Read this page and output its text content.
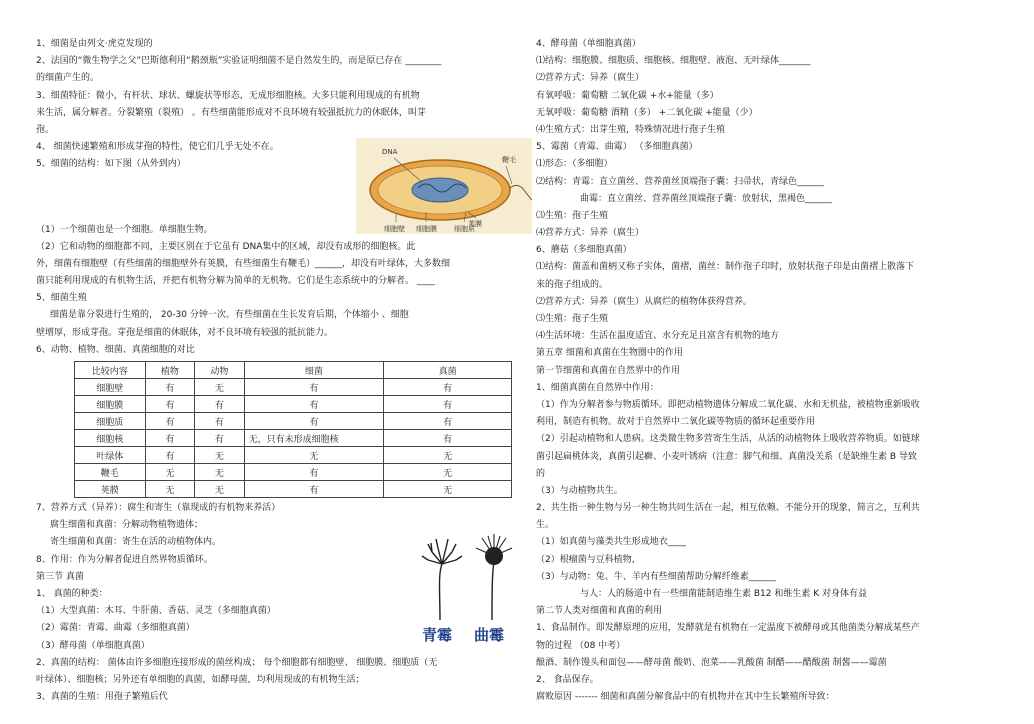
1、细菌是由列文·虎克发现的
2、法国的“微生物学之父”巴斯德利用“鹅颈瓶”实验证明细菌不是自然发生的，而是原已存在 ________
的细菌产生的。
3、细菌特征：微小，有杆状、球状、螺旋状等形态，无成形细胞核。大多只能利用现成的有机物
来生活，属分解者。分裂繁殖（裂殖） 。有些细菌能形成对不良环境有较强抵抗力的休眠体，叫芽
孢。
4、 细菌快速繁殖和形成芽孢的特性，使它们几乎无处不在。
5、细菌的结构：如下图（从外到内）
（1）一个细菌也是一个细胞。单细胞生物。
（2）它和动物的细胞都不同，主要区别在于它虽有 DNA集中的区域，却没有成形的细胞核。此
外，细菌有细胞壁（有些细菌的细胞壁外有荚膜，有些细菌生有鞭毛）______，却没有叶绿体，大多数细
菌只能利用现成的有机物生活，并把有机物分解为简单的无机物。它们是生态系统中的分解者。 ____
5、细菌生殖
细菌是靠分裂进行生殖的， 20-30 分钟一次。有些细菌在生长发育后期，个体缩小 、细胞
壁增厚，形成芽孢。芽孢是细菌的休眠体，对不良环境有较强的抵抗能力。
6、动物、植物、细菌、真菌细胞的对比
比较内容	植物	动物	细菌	真菌
细胞壁	有	无	有	有
细胞膜	有	有	有	有
细胞质	有	有	有	有
细胞核	有	有	无，只有未形成细胞核	有
叶绿体	有	无	无	无
鞭毛	无	无	有	无
荚膜	无	无	有	无
7、营养方式（异养）：腐生和寄生（靠现成的有机物来养活）
腐生细菌和真菌：分解动物植物遗体；
寄生细菌和真菌：寄生在活的动植物体内。
8、作用：作为分解者促进自然界物质循环。
第三节 真菌
1、 真菌的种类：
（1）大型真菌：木耳、牛肝菌、香菇、灵芝（多细胞真菌）
（2）霉菌：青霉、曲霉（多细胞真菌）
（3）酵母菌（单细胞真菌）
2、真菌的结构： 菌体由许多细胞连接形成的菌丝构成； 每个细胞都有细胞壁、 细胞膜、细胞质（无
叶绿体）、细胞核；另外还有单细胞的真菌，如酵母菌，均利用现成的有机物生活；
3、真菌的生殖：用孢子繁殖后代
DNA
鞭毛
荚膜
细胞壁 细胞膜 细胞质
青霉 曲霉
4、酵母菌（单细胞真菌）
⑴结构：细胞膜、细胞质、细胞核、细胞壁、液泡、无叶绿体_______
⑵营养方式：异养（腐生）
有氧呼吸：葡萄糖 二氧化碳 +水+能量（多）
无氧呼吸：葡萄糖 酒精（多） +二氧化碳 +能量（少）
⑷生殖方式：出芽生殖，特殊情况进行孢子生殖
5、霉菌（青霉、曲霉） （多细胞真菌）
⑴形态：（多细胞）
⑵结构：青霉：直立菌丝、营养菌丝顶端孢子囊：扫帚状，青绿色______
曲霉：直立菌丝、营养菌丝顶端孢子囊：放射状，黑褐色______
⑶生殖：孢子生殖
⑷营养方式：异养（腐生）
6、蘑菇（多细胞真菌）
⑴结构：菌盖和菌柄又称子实体，菌褶，菌丝：制作孢子印时，放射状孢子印是由菌褶上散落下
来的孢子组成的。
⑵营养方式：异养（腐生）从腐烂的植物体获得营养。
⑶生殖：孢子生殖
⑷生活环境：生活在温度适宜、水分充足且富含有机物的地方
第五章 细菌和真菌在生物圈中的作用
第一节细菌和真菌在自然界中的作用
1、细菌真菌在自然界中作用：
（1）作为分解者参与物质循环。即把动植物遗体分解成二氧化碳、水和无机盐，被植物重新吸收
利用，制造有机物。故对于自然界中二氧化碳等物质的循环起重要作用
（2）引起动植物和人患病。这类微生物多营寄生生活，从活的动植物体上吸收营养物质。如链球
菌引起扁桃体炎，真菌引起癣、小麦叶锈病（注意：脚气和细、真菌没关系（是缺维生素 B 导致
的
（3）与动植物共生。
2、共生指一种生物与另一种生物共同生活在一起，相互依赖、不能分开的现象，简言之，互利共
生。
（1）如真菌与藻类共生形成地衣____
（2）根瘤菌与豆科植物，
（3）与动物：兔、牛、羊内有些细菌帮助分解纤维素______
与人：人的肠道中有一些细菌能制造维生素 B12 和维生素 K 对身体有益
第二节人类对细菌和真菌的利用
1、食品制作。即发酵原理的应用，发酵就是有机物在一定温度下被酵母或其他菌类分解成某些产
物的过程 （08 中考）
酿酒、制作馒头和面包——酵母菌 酸奶、泡菜——乳酸菌 制醋——醋酸菌 制酱——霉菌
2、 食品保存。
腐败原因 ------- 细菌和真菌分解食品中的有机物并在其中生长繁殖所导致：
